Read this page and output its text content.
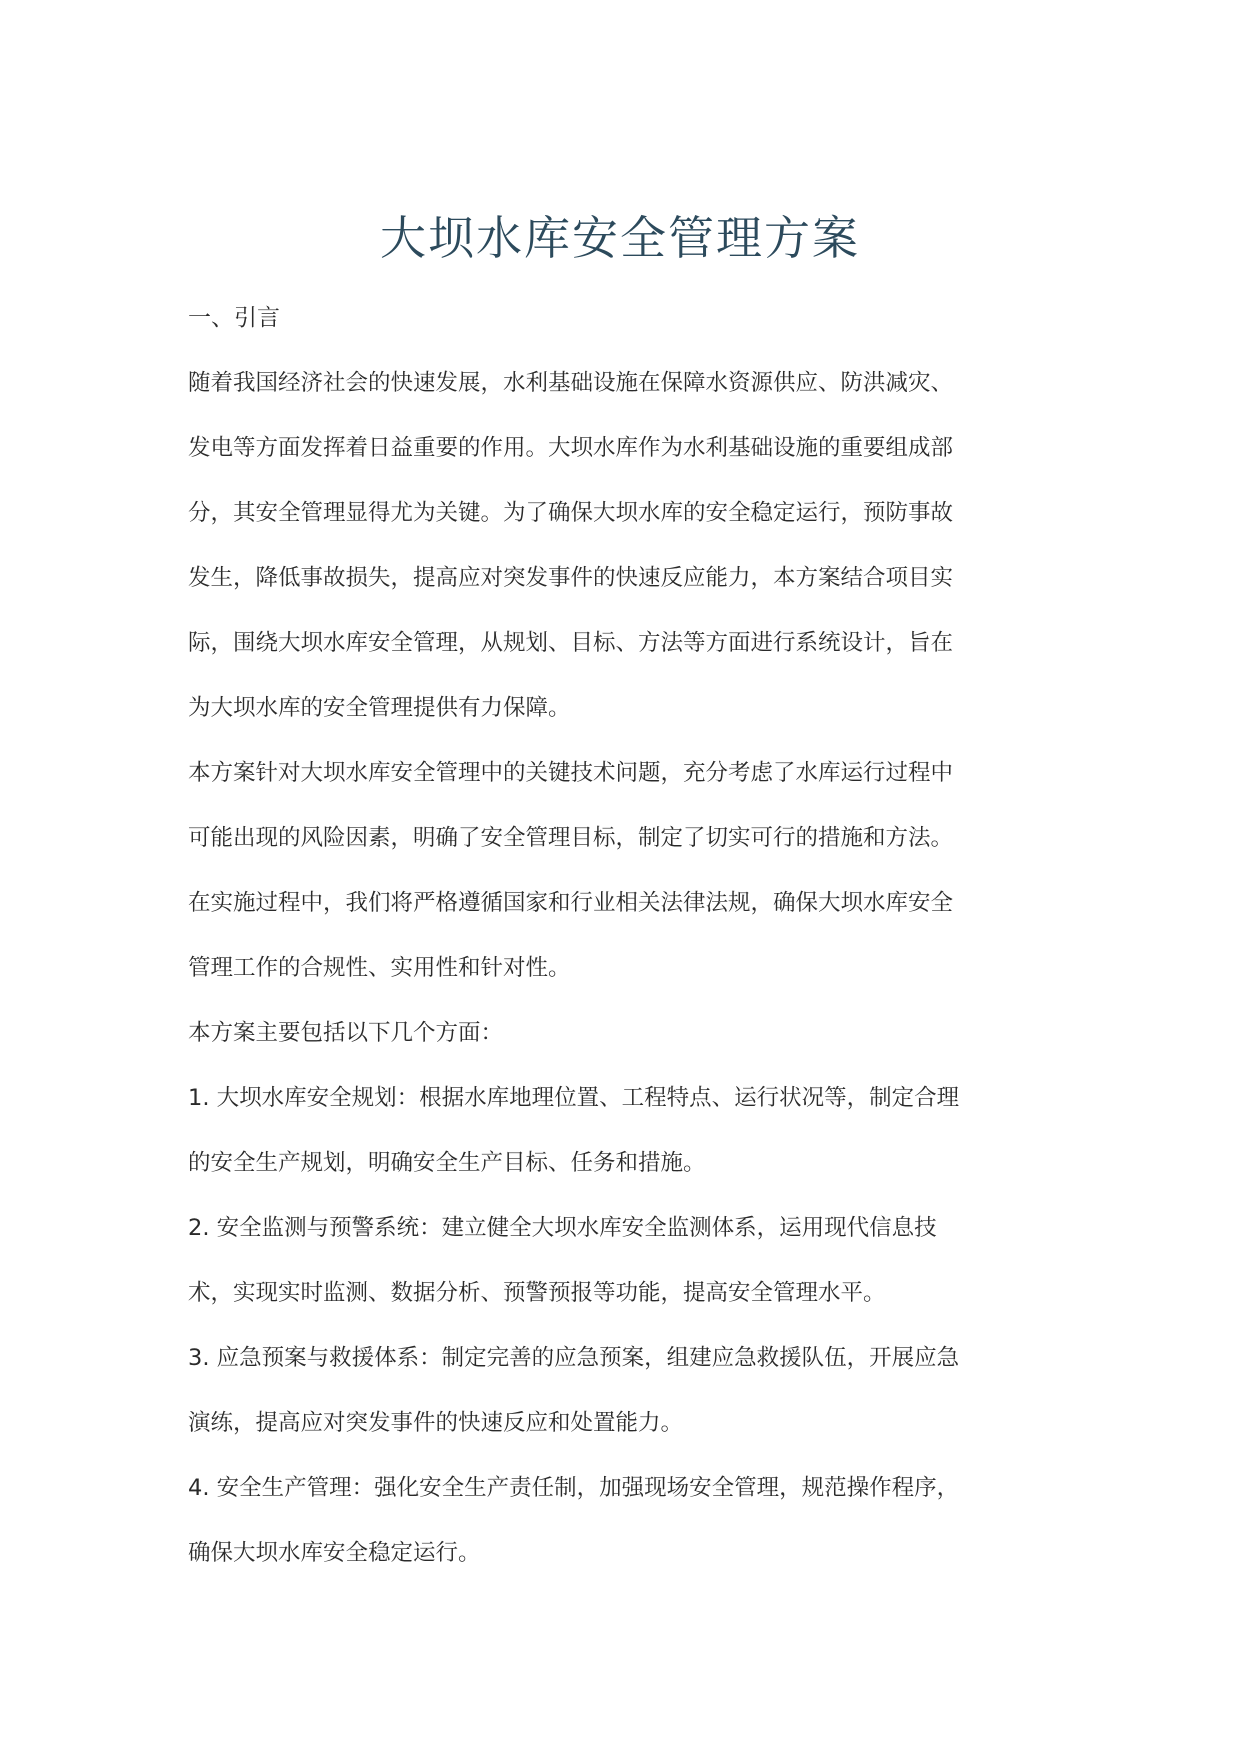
大坝水库安全管理方案
一、引言

随着我国经济社会的快速发展，水利基础设施在保障水资源供应、防洪减灾、
发电等方面发挥着日益重要的作用。大坝水库作为水利基础设施的重要组成部
分，其安全管理显得尤为关键。为了确保大坝水库的安全稳定运行，预防事故
发生，降低事故损失，提高应对突发事件的快速反应能力，本方案结合项目实
际，围绕大坝水库安全管理，从规划、目标、方法等方面进行系统设计，旨在
为大坝水库的安全管理提供有力保障。

本方案针对大坝水库安全管理中的关键技术问题，充分考虑了水库运行过程中
可能出现的风险因素，明确了安全管理目标，制定了切实可行的措施和方法。
在实施过程中，我们将严格遵循国家和行业相关法律法规，确保大坝水库安全
管理工作的合规性、实用性和针对性。

本方案主要包括以下几个方面：

1. 大坝水库安全规划：根据水库地理位置、工程特点、运行状况等，制定合理
的安全生产规划，明确安全生产目标、任务和措施。

2. 安全监测与预警系统：建立健全大坝水库安全监测体系，运用现代信息技
术，实现实时监测、数据分析、预警预报等功能，提高安全管理水平。

3. 应急预案与救援体系：制定完善的应急预案，组建应急救援队伍，开展应急
演练，提高应对突发事件的快速反应和处置能力。

4. 安全生产管理：强化安全生产责任制，加强现场安全管理，规范操作程序，
确保大坝水库安全稳定运行。
